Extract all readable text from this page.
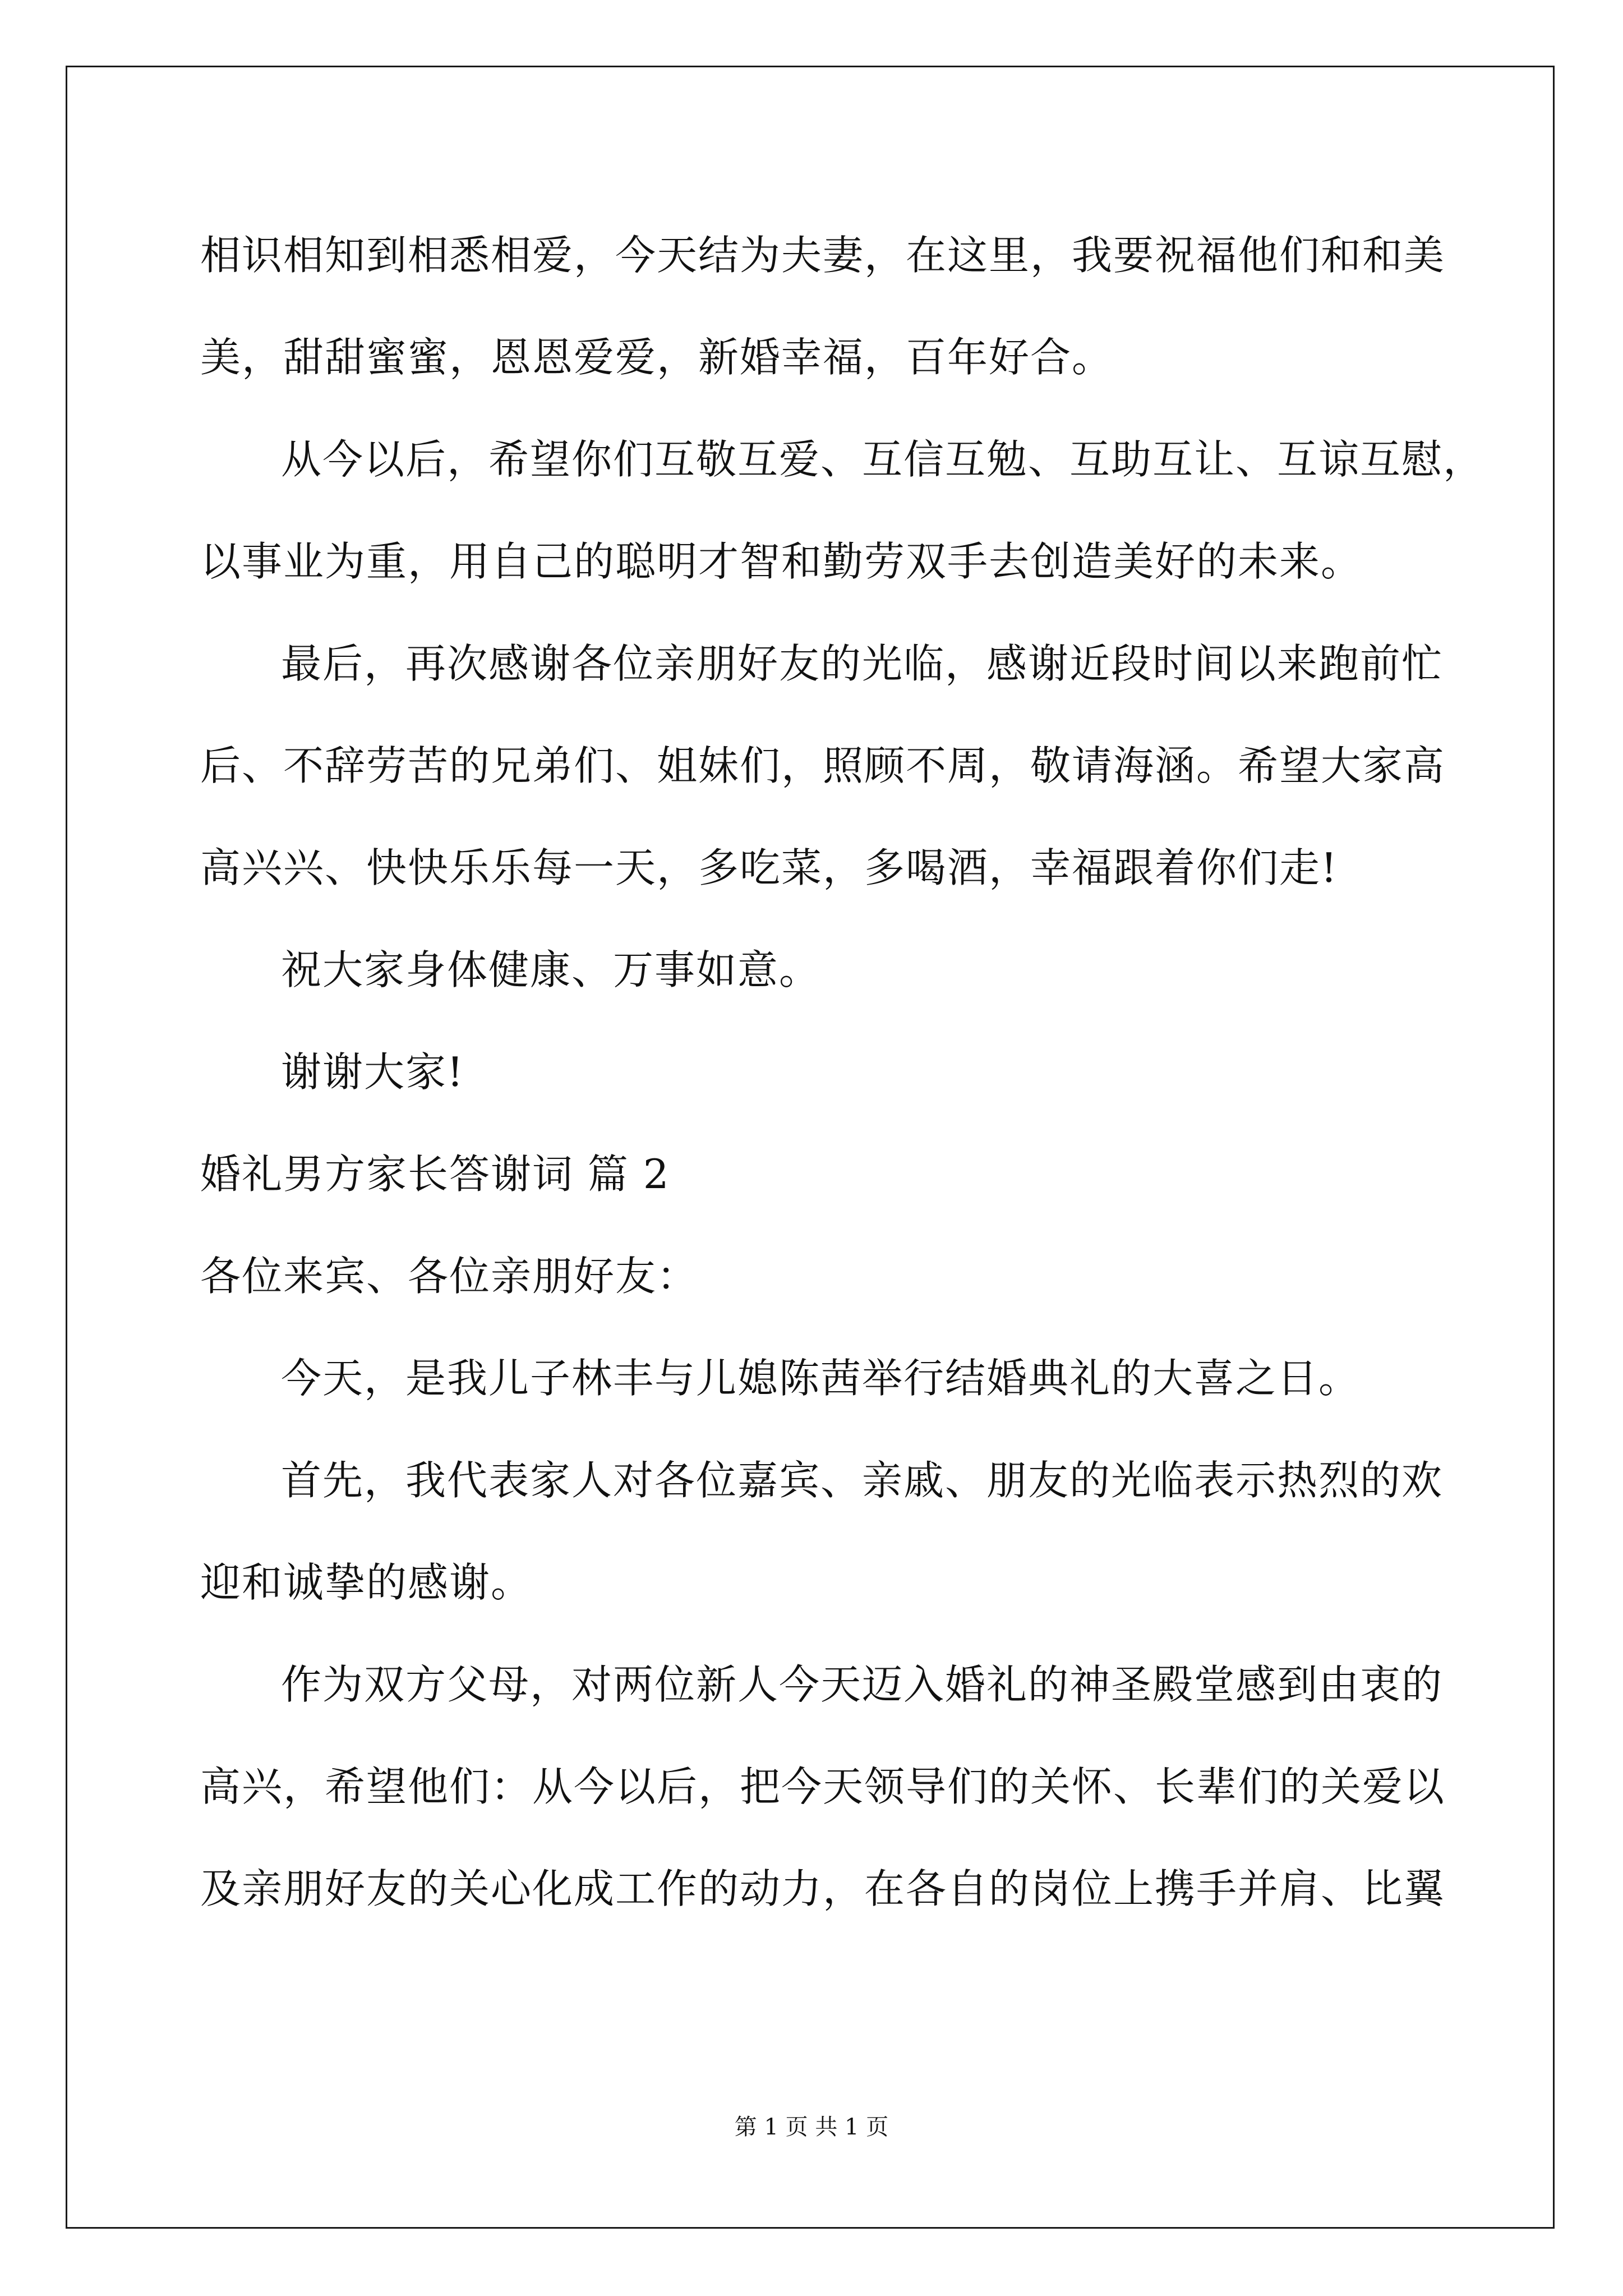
相识相知到相悉相爱，今天结为夫妻，在这里，我要祝福他们和和美
美，甜甜蜜蜜，恩恩爱爱，新婚幸福，百年好合。
从今以后，希望你们互敬互爱、互信互勉、互助互让、互谅互慰，
以事业为重，用自己的聪明才智和勤劳双手去创造美好的未来。
最后，再次感谢各位亲朋好友的光临，感谢近段时间以来跑前忙
后、不辞劳苦的兄弟们、姐妹们，照顾不周，敬请海涵。希望大家高
高兴兴、快快乐乐每一天，多吃菜，多喝酒，幸福跟着你们走!
祝大家身体健康、万事如意。
谢谢大家!
婚礼男方家长答谢词 篇 2
各位来宾、各位亲朋好友：
今天，是我儿子林丰与儿媳陈茜举行结婚典礼的大喜之日。
首先，我代表家人对各位嘉宾、亲戚、朋友的光临表示热烈的欢
迎和诚挚的感谢。
作为双方父母，对两位新人今天迈入婚礼的神圣殿堂感到由衷的
高兴，希望他们：从今以后，把今天领导们的关怀、长辈们的关爱以
及亲朋好友的关心化成工作的动力，在各自的岗位上携手并肩、比翼
第 1 页 共 1 页
